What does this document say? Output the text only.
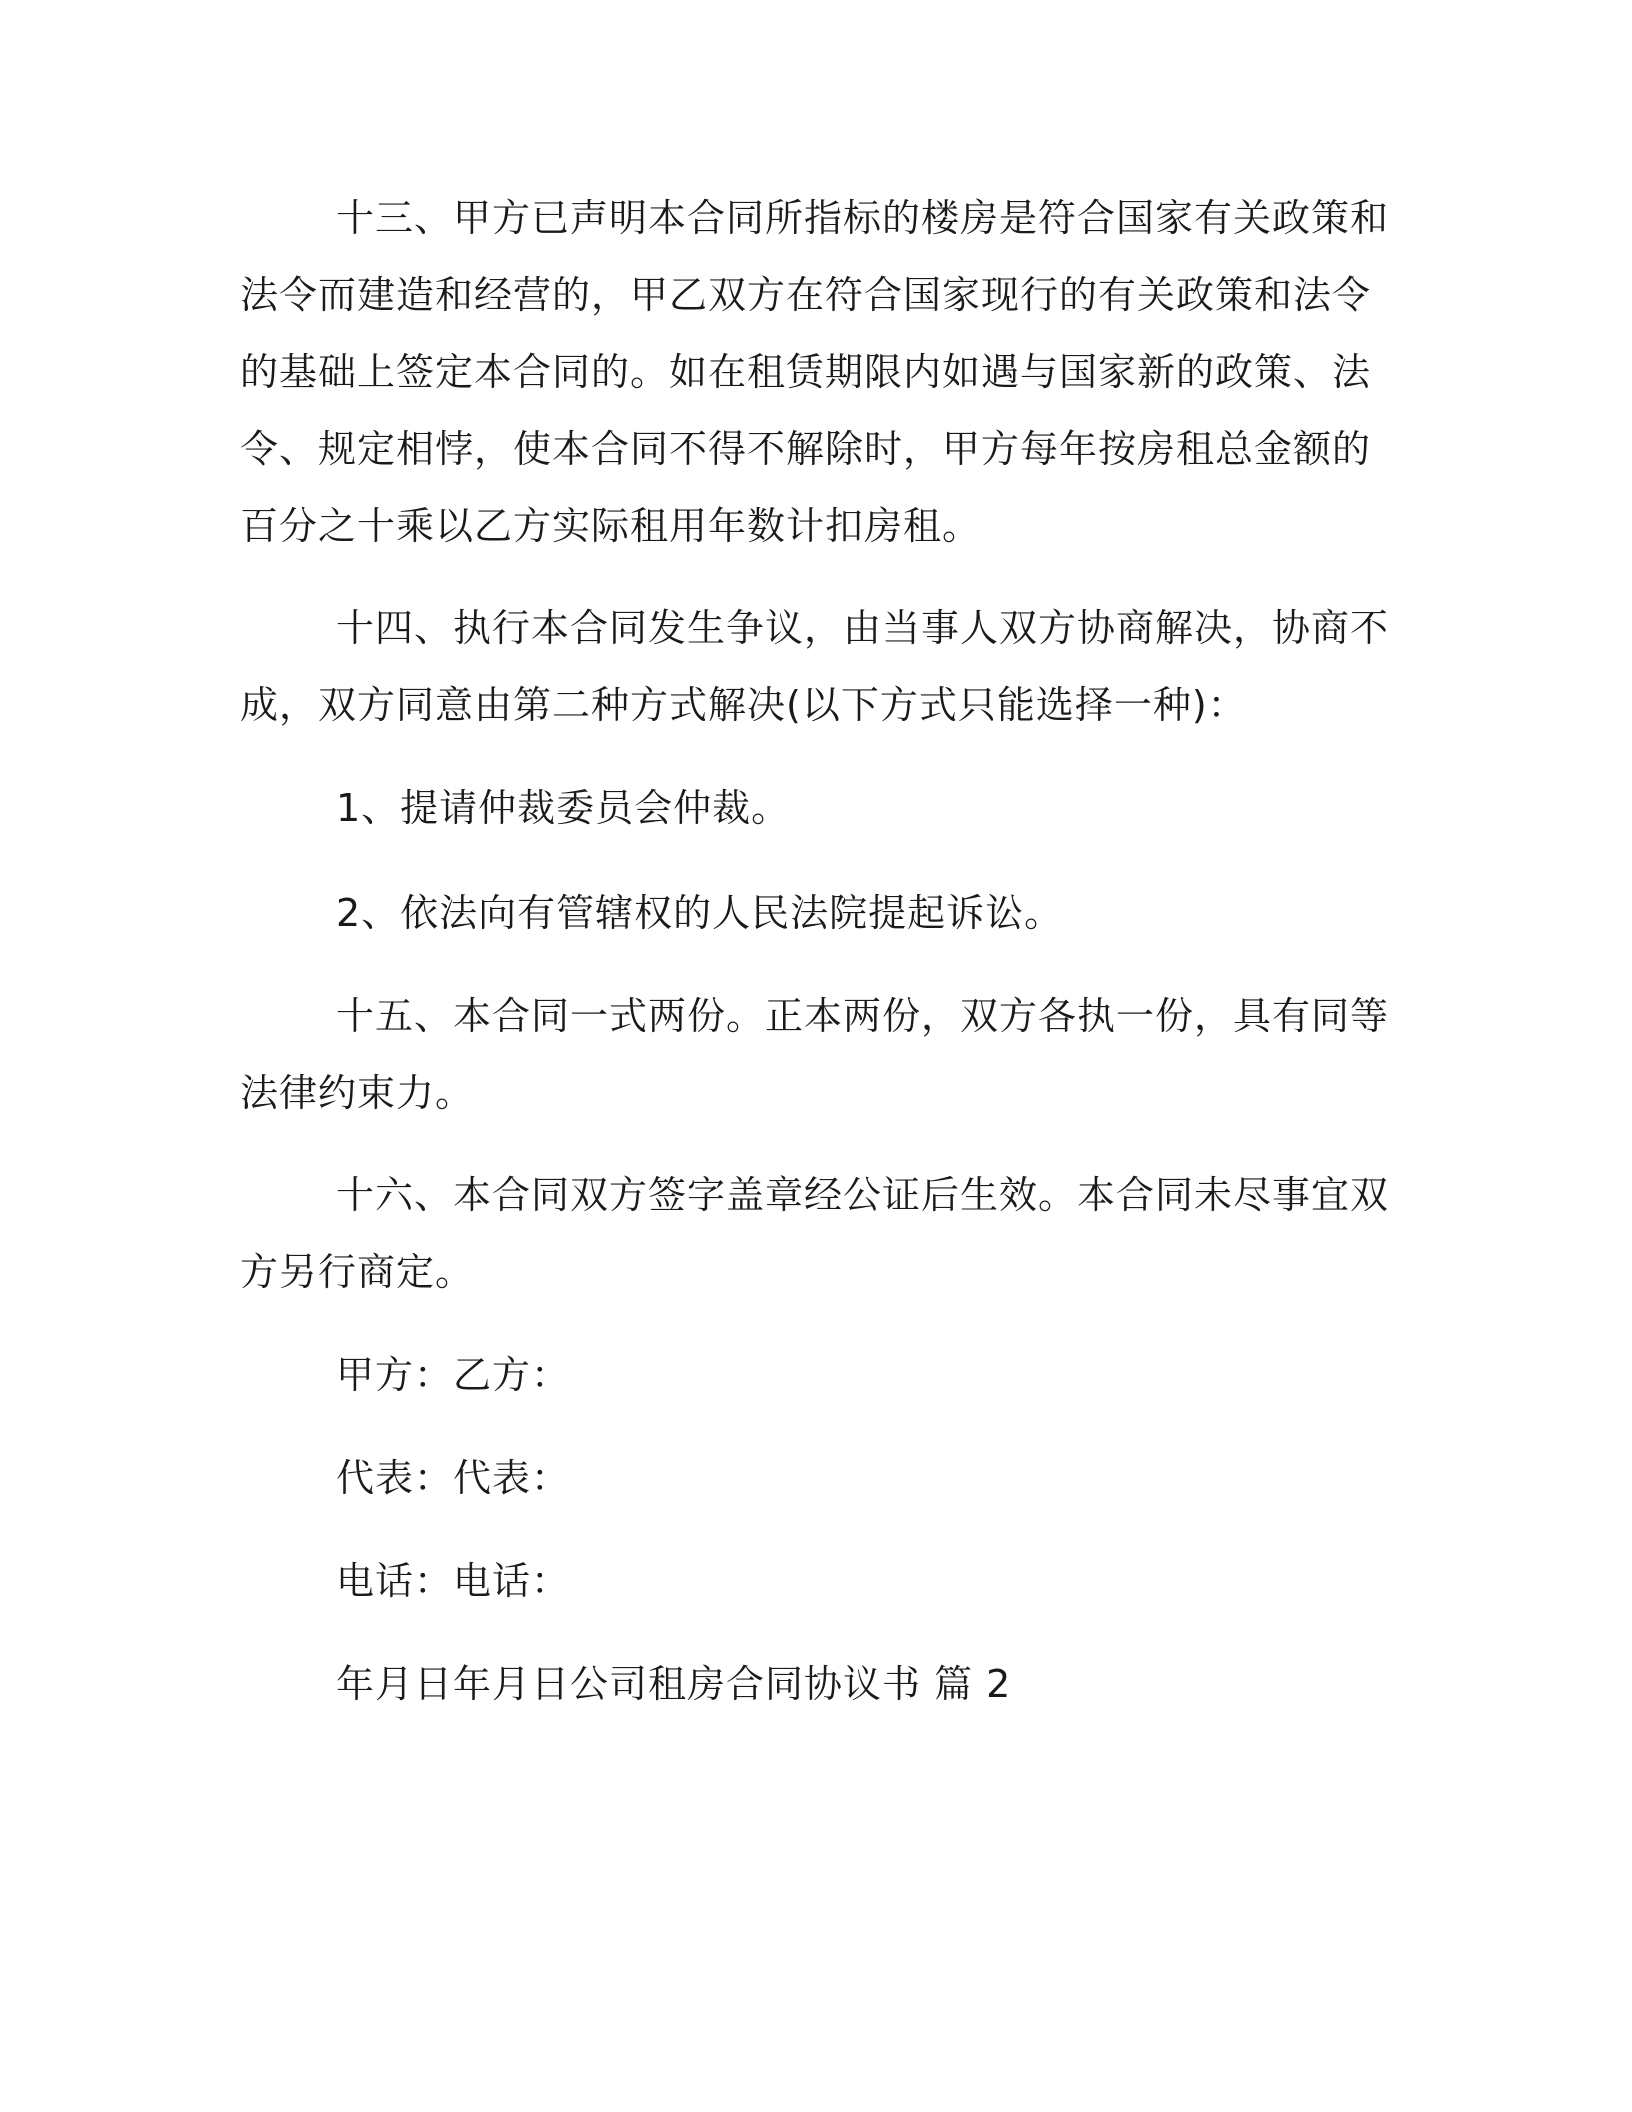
十三、甲方已声明本合同所指标的楼房是符合国家有关政策和法令而建造和经营的，甲乙双方在符合国家现行的有关政策和法令的基础上签定本合同的。如在租赁期限内如遇与国家新的政策、法令、规定相悖，使本合同不得不解除时，甲方每年按房租总金额的百分之十乘以乙方实际租用年数计扣房租。

十四、执行本合同发生争议，由当事人双方协商解决，协商不成，双方同意由第二种方式解决(以下方式只能选择一种)：

1、提请仲裁委员会仲裁。

2、依法向有管辖权的人民法院提起诉讼。

十五、本合同一式两份。正本两份，双方各执一份，具有同等法律约束力。

十六、本合同双方签字盖章经公证后生效。本合同未尽事宜双方另行商定。

甲方：乙方：

代表：代表：

电话：电话：

年月日年月日公司租房合同协议书 篇 2
